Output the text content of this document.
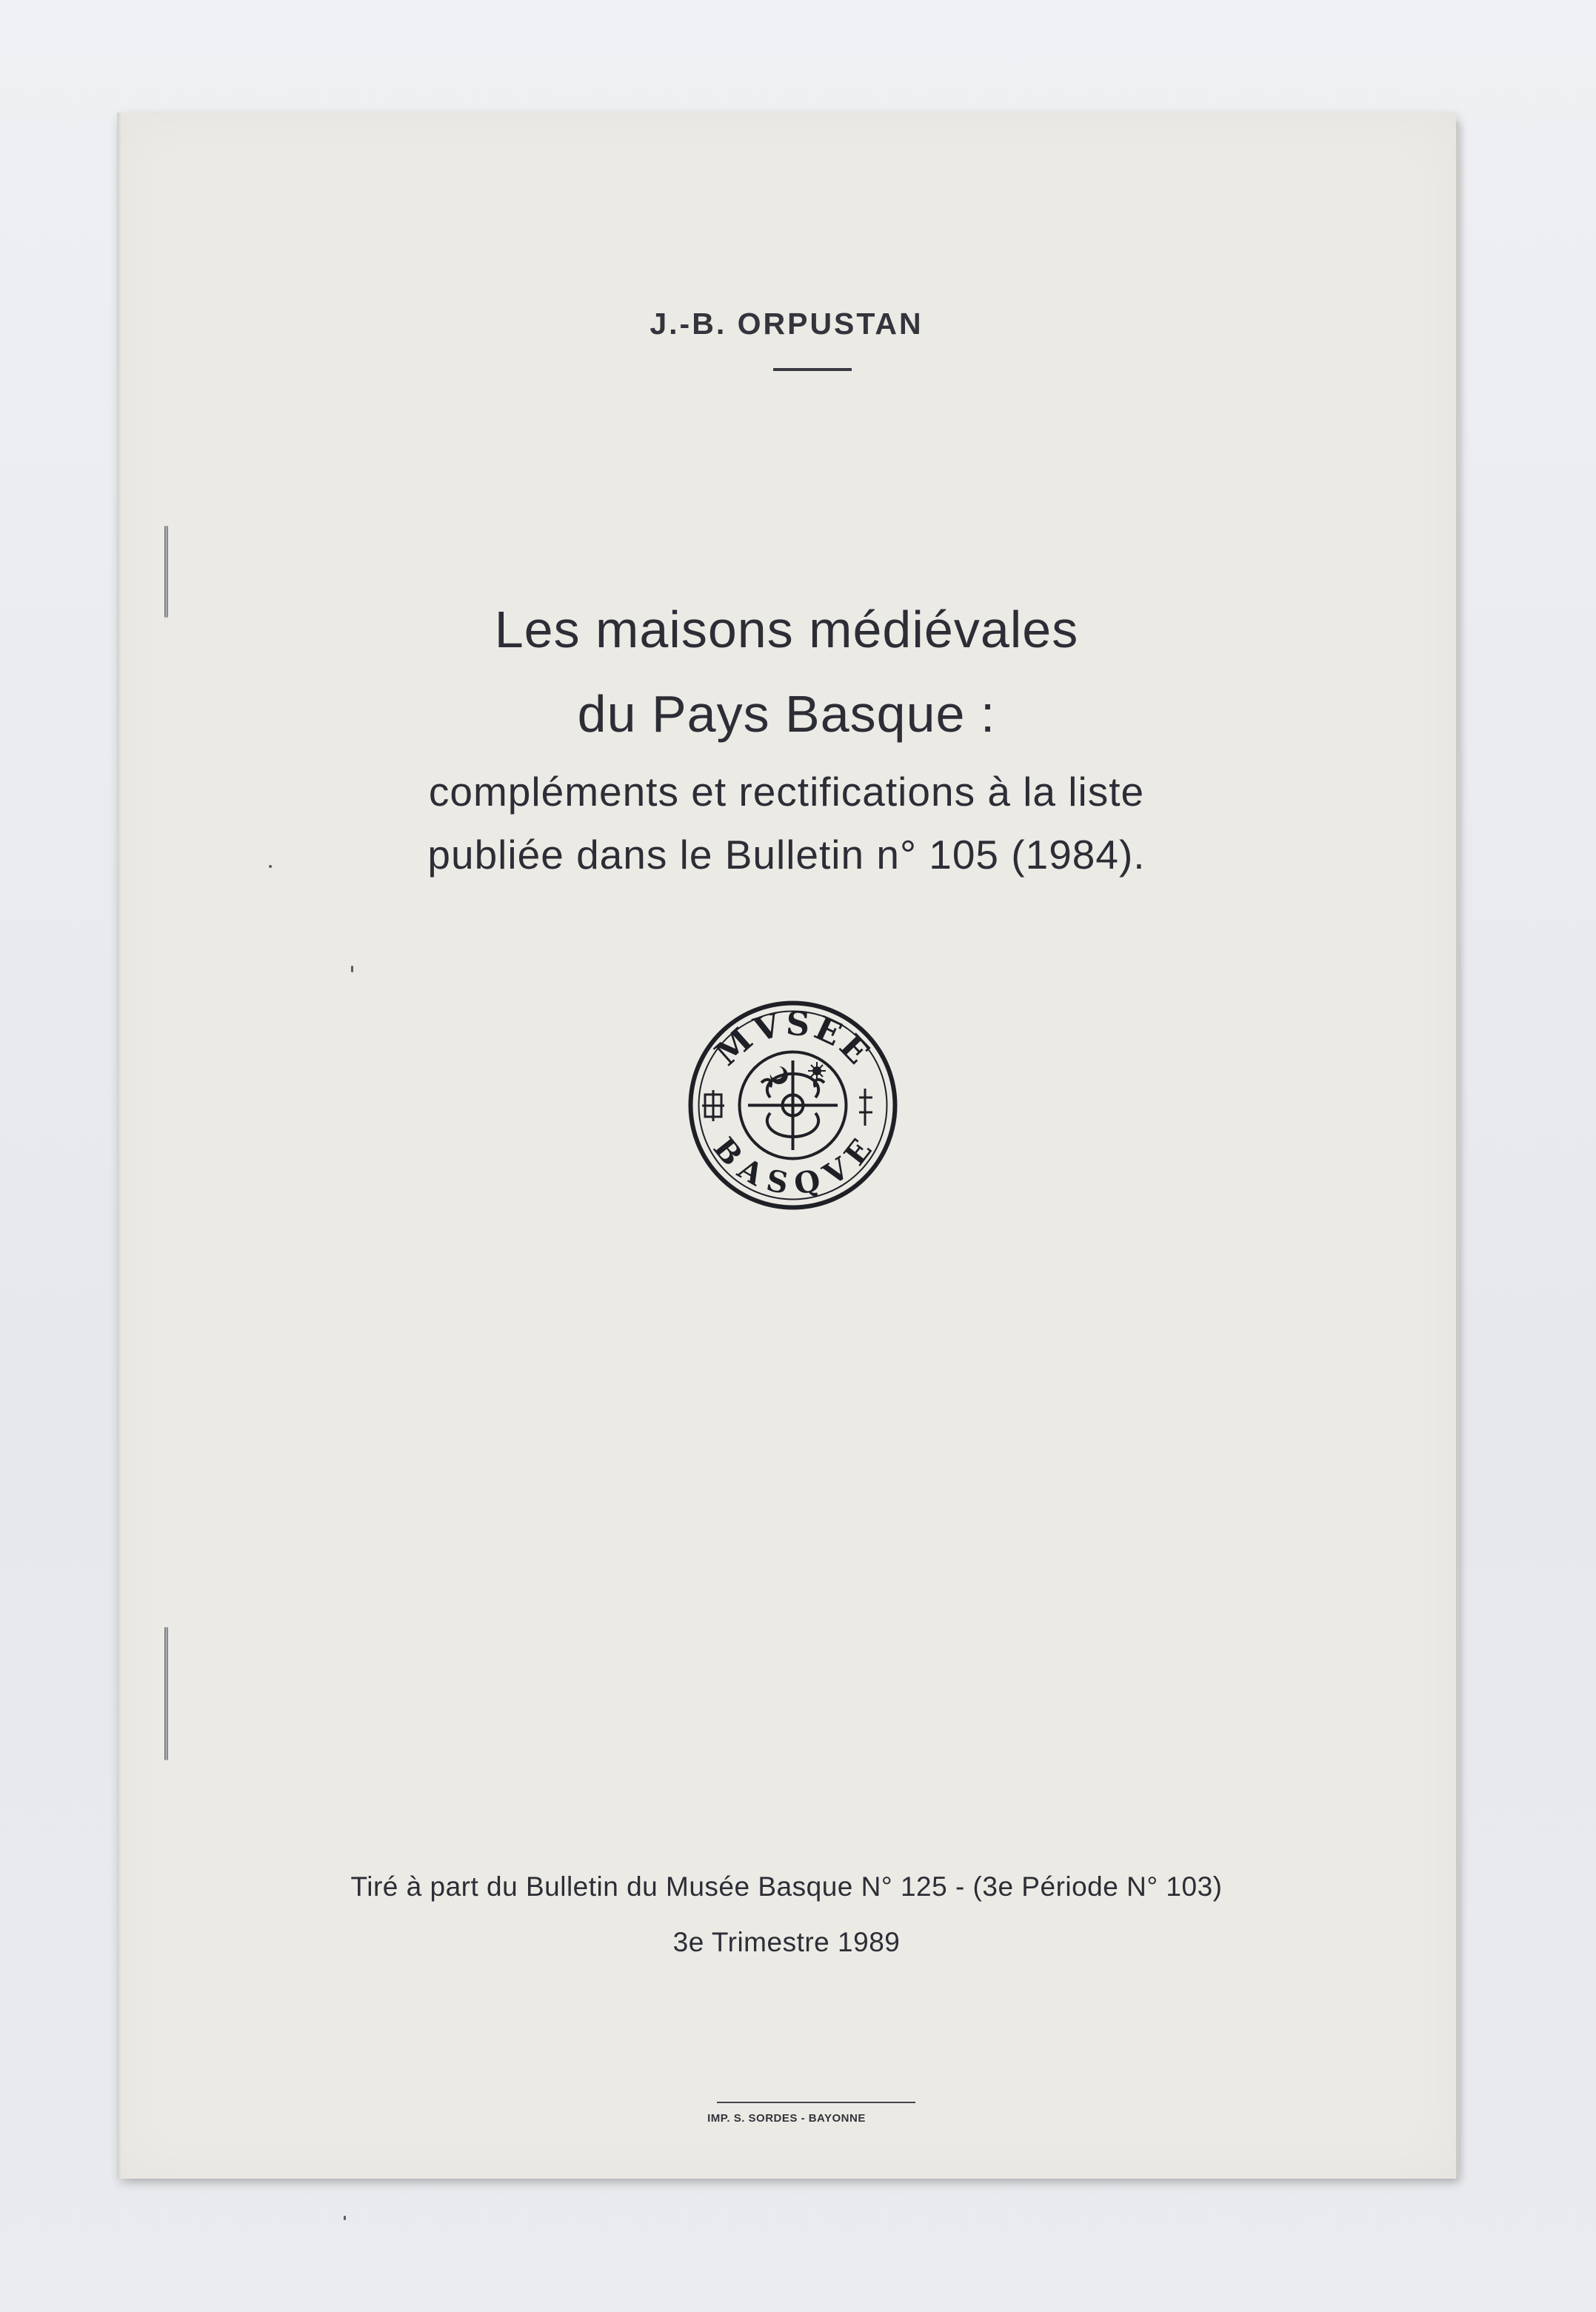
J.-B. ORPUSTAN
Les maisons médiévales
du Pays Basque :
compléments et rectifications à la liste
publiée dans le Bulletin n° 105 (1984).
MVSEE
BASQVE
Tiré à part du Bulletin du Musée Basque N° 125 - (3e Période N° 103)
3e Trimestre 1989
IMP. S. SORDES - BAYONNE
